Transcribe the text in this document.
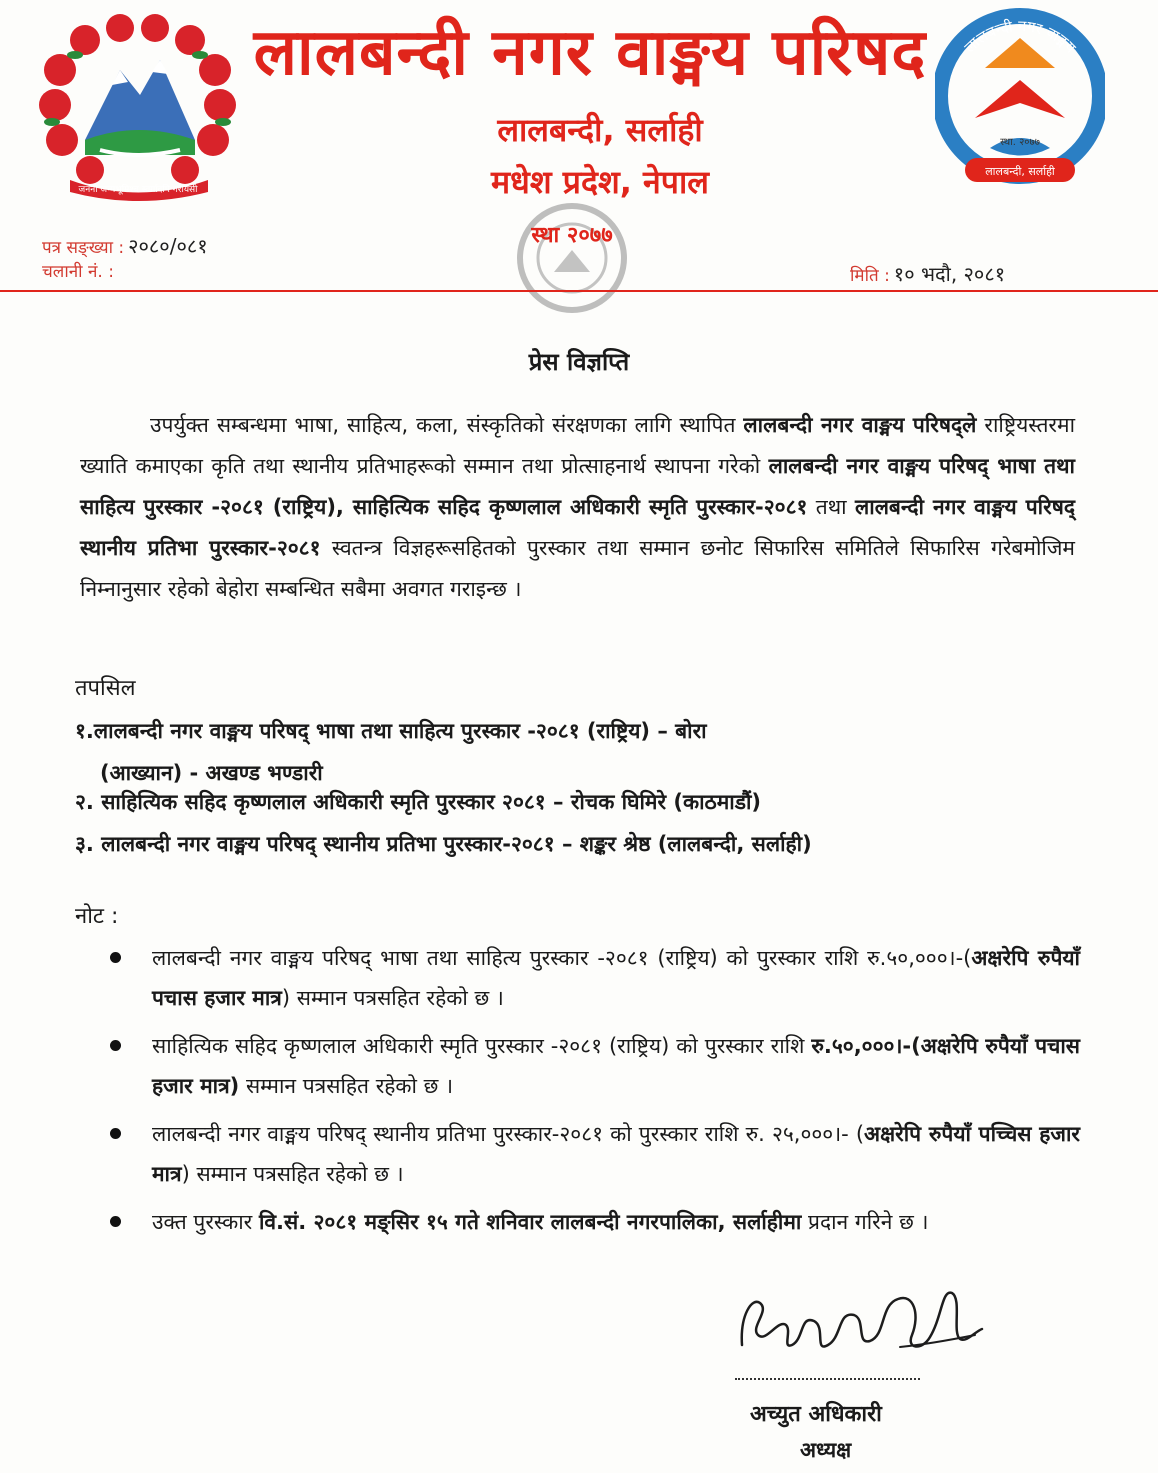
जननी जन्मभूमिश्च स्वर्गादपि गरीयसी
लालबन्दी नगर वाङ्मय परिषद
लालबन्दी, सर्लाही
मधेश प्रदेश, नेपाल
लालबन्दी नगर वाङ्मय
स्था. २०७७
लालबन्दी, सर्लाही
पत्र सङ्ख्या : २०८०/०८१
चलानी नं. :
स्था २०७७
मिति : १० भदौ, २०८१
प्रेस विज्ञप्ति
उपर्युक्त सम्बन्धमा भाषा, साहित्य, कला, संस्कृतिको संरक्षणका लागि स्थापित लालबन्दी नगर वाङ्मय परिषद्ले राष्ट्रियस्तरमा ख्याति कमाएका कृति तथा स्थानीय प्रतिभाहरूको सम्मान तथा प्रोत्साहनार्थ स्थापना गरेको लालबन्दी नगर वाङ्मय परिषद् भाषा तथा साहित्य पुरस्कार -२०८१ (राष्ट्रिय), साहित्यिक सहिद कृष्णलाल अधिकारी स्मृति पुरस्कार-२०८१ तथा लालबन्दी नगर वाङ्मय परिषद् स्थानीय प्रतिभा पुरस्कार-२०८१ स्वतन्त्र विज्ञहरूसहितको पुरस्कार तथा सम्मान छनोट सिफारिस समितिले सिफारिस गरेबमोजिम निम्नानुसार रहेको बेहोरा सम्बन्धित सबैमा अवगत गराइन्छ ।
तपसिल
१.लालबन्दी नगर वाङ्मय परिषद् भाषा तथा साहित्य पुरस्कार -२०८१ (राष्ट्रिय) – बोरा
(आख्यान) - अखण्ड भण्डारी
२. साहित्यिक सहिद कृष्णलाल अधिकारी स्मृति पुरस्कार २०८१ – रोचक घिमिरे (काठमाडौं)
३. लालबन्दी नगर वाङ्मय परिषद् स्थानीय प्रतिभा पुरस्कार-२०८१ – शङ्कर श्रेष्ठ (लालबन्दी, सर्लाही)
नोट :
लालबन्दी नगर वाङ्मय परिषद् भाषा तथा साहित्य पुरस्कार -२०८१ (राष्ट्रिय) को पुरस्कार राशि रु.५०,०००।-(अक्षरेपि रुपैयाँ पचास हजार मात्र) सम्मान पत्रसहित रहेको छ ।
साहित्यिक सहिद कृष्णलाल अधिकारी स्मृति पुरस्कार -२०८१ (राष्ट्रिय) को पुरस्कार राशि रु.५०,०००।-(अक्षरेपि रुपैयाँ पचास हजार मात्र) सम्मान पत्रसहित रहेको छ ।
लालबन्दी नगर वाङ्मय परिषद् स्थानीय प्रतिभा पुरस्कार-२०८१ को पुरस्कार राशि रु. २५,०००।- (अक्षरेपि रुपैयाँ पच्चिस हजार मात्र) सम्मान पत्रसहित रहेको छ ।
उक्त पुरस्कार वि.सं. २०८१ मङ्सिर १५ गते शनिवार लालबन्दी नगरपालिका, सर्लाहीमा प्रदान गरिने छ ।
अच्युत अधिकारी
अध्यक्ष
